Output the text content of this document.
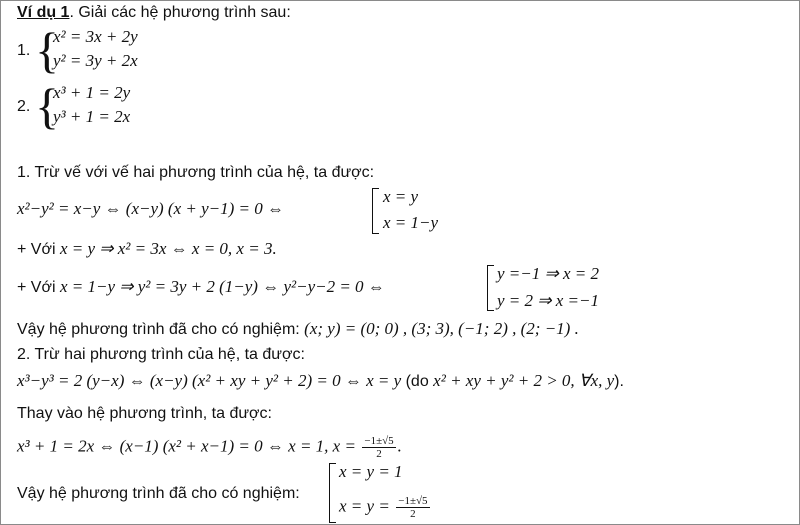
Ví dụ 1. Giải các hệ phương trình sau:
1. {
x² = 3x + 2y
y² = 3y + 2x
2. {
x³ + 1 = 2y
y³ + 1 = 2x
1. Trừ vế với vế hai phương trình của hệ, ta được:
x²−y² = x−y ⇔ (x−y) (x + y−1) = 0 ⇔
x = y
x = 1−y
+ Với x = y ⇒ x² = 3x ⇔ x = 0, x = 3.
+ Với x = 1−y ⇒ y² = 3y + 2 (1−y) ⇔ y²−y−2 = 0 ⇔
y =−1 ⇒ x = 2
y = 2 ⇒ x =−1
Vậy hệ phương trình đã cho có nghiệm: (x; y) = (0; 0) , (3; 3), (−1; 2) , (2; −1) .
2. Trừ hai phương trình của hệ, ta được:
x³−y³ = 2 (y−x) ⇔ (x−y) (x² + xy + y² + 2) = 0 ⇔ x = y (do x² + xy + y² + 2 > 0, ∀x, y).
Thay vào hệ phương trình, ta được:
x³ + 1 = 2x ⇔ (x−1) (x² + x−1) = 0 ⇔ x = 1, $x = \frac{-1\pm√5}{2}$ .
Vậy hệ phương trình đã cho có nghiệm:
x = y = 1
$x = y = \frac{-1\pm√5}{2}$
